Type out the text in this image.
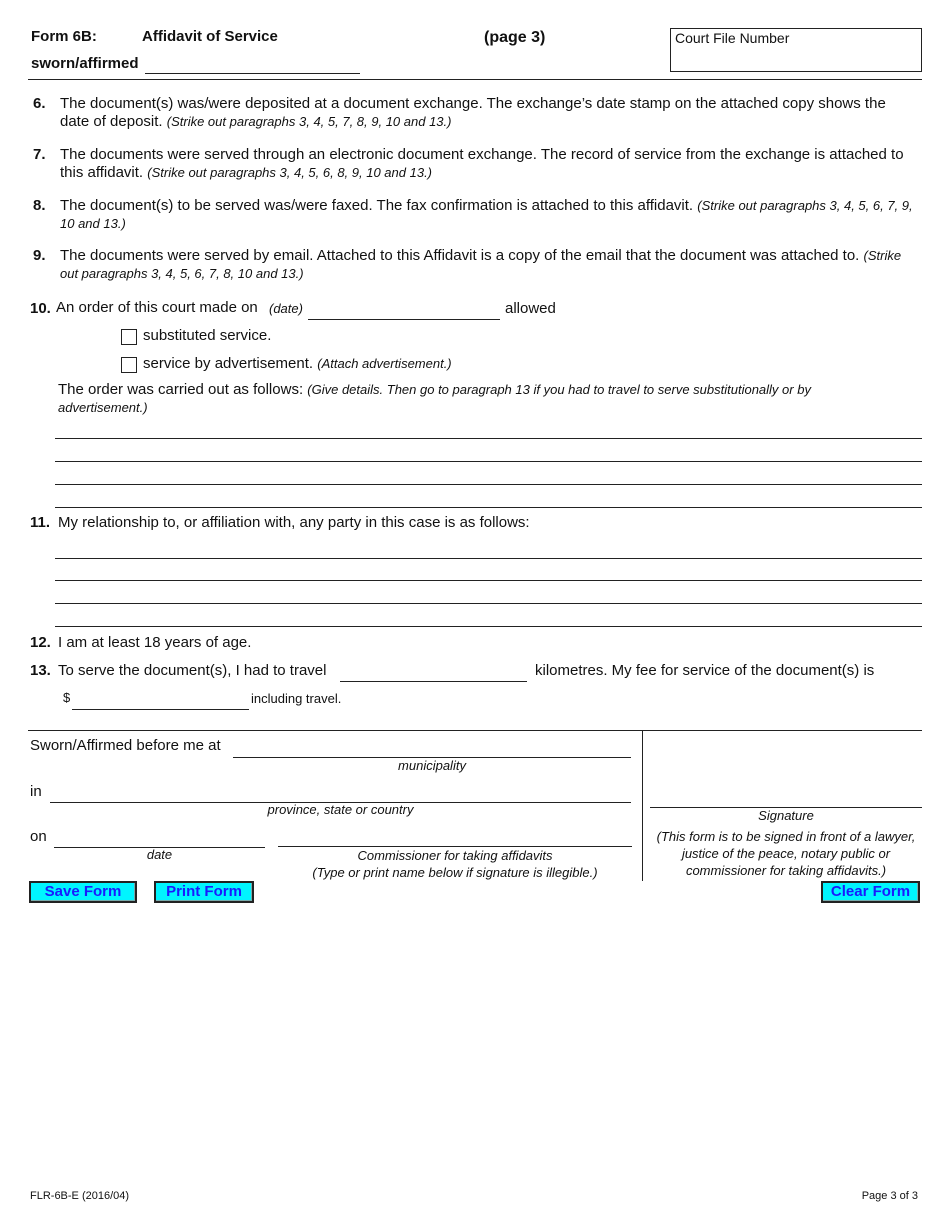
Form 6B:	Affidavit of Service	(page 3)
sworn/affirmed
Court File Number
6. The document(s) was/were deposited at a document exchange. The exchange’s date stamp on the attached copy shows the date of deposit. (Strike out paragraphs 3, 4, 5, 7, 8, 9, 10 and 13.)
7. The documents were served through an electronic document exchange. The record of service from the exchange is attached to this affidavit. (Strike out paragraphs 3, 4, 5, 6, 8, 9, 10 and 13.)
8. The document(s) to be served was/were faxed. The fax confirmation is attached to this affidavit. (Strike out paragraphs 3, 4, 5, 6, 7, 9, 10 and 13.)
9. The documents were served by email. Attached to this Affidavit is a copy of the email that the document was attached to. (Strike out paragraphs 3, 4, 5, 6, 7, 8, 10 and 13.)
10. An order of this court made on (date)	allowed
substituted service.
service by advertisement. (Attach advertisement.)
The order was carried out as follows: (Give details. Then go to paragraph 13 if you had to travel to serve substitutionally or by advertisement.)
11. My relationship to, or affiliation with, any party in this case is as follows:
12. I am at least 18 years of age.
13. To serve the document(s), I had to travel	kilometres. My fee for service of the document(s) is
$	including travel.
Sworn/Affirmed before me at
municipality
in
province, state or country
on
date	Commissioner for taking affidavits
(Type or print name below if signature is illegible.)
Signature
(This form is to be signed in front of a lawyer, justice of the peace, notary public or commissioner for taking affidavits.)
Save Form	Print Form	Clear Form
FLR-6B-E (2016/04)	Page 3 of 3
